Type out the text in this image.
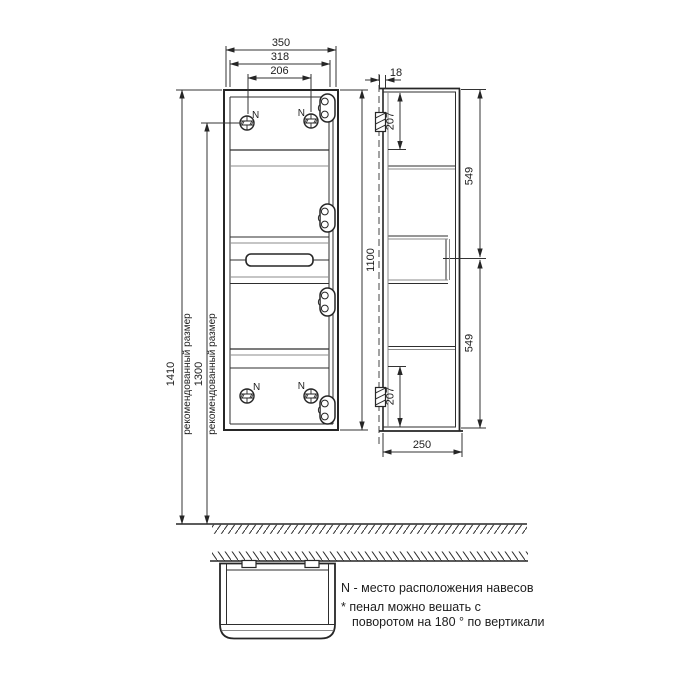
N	N
N	N
350
318
206
1100
1410 рекомендованный размер 1300 рекомендованный размер
18
207
207
549
549
250
N - место расположения навесов
* пенал можно вешать с
поворотом на 180 ° по вертикали
